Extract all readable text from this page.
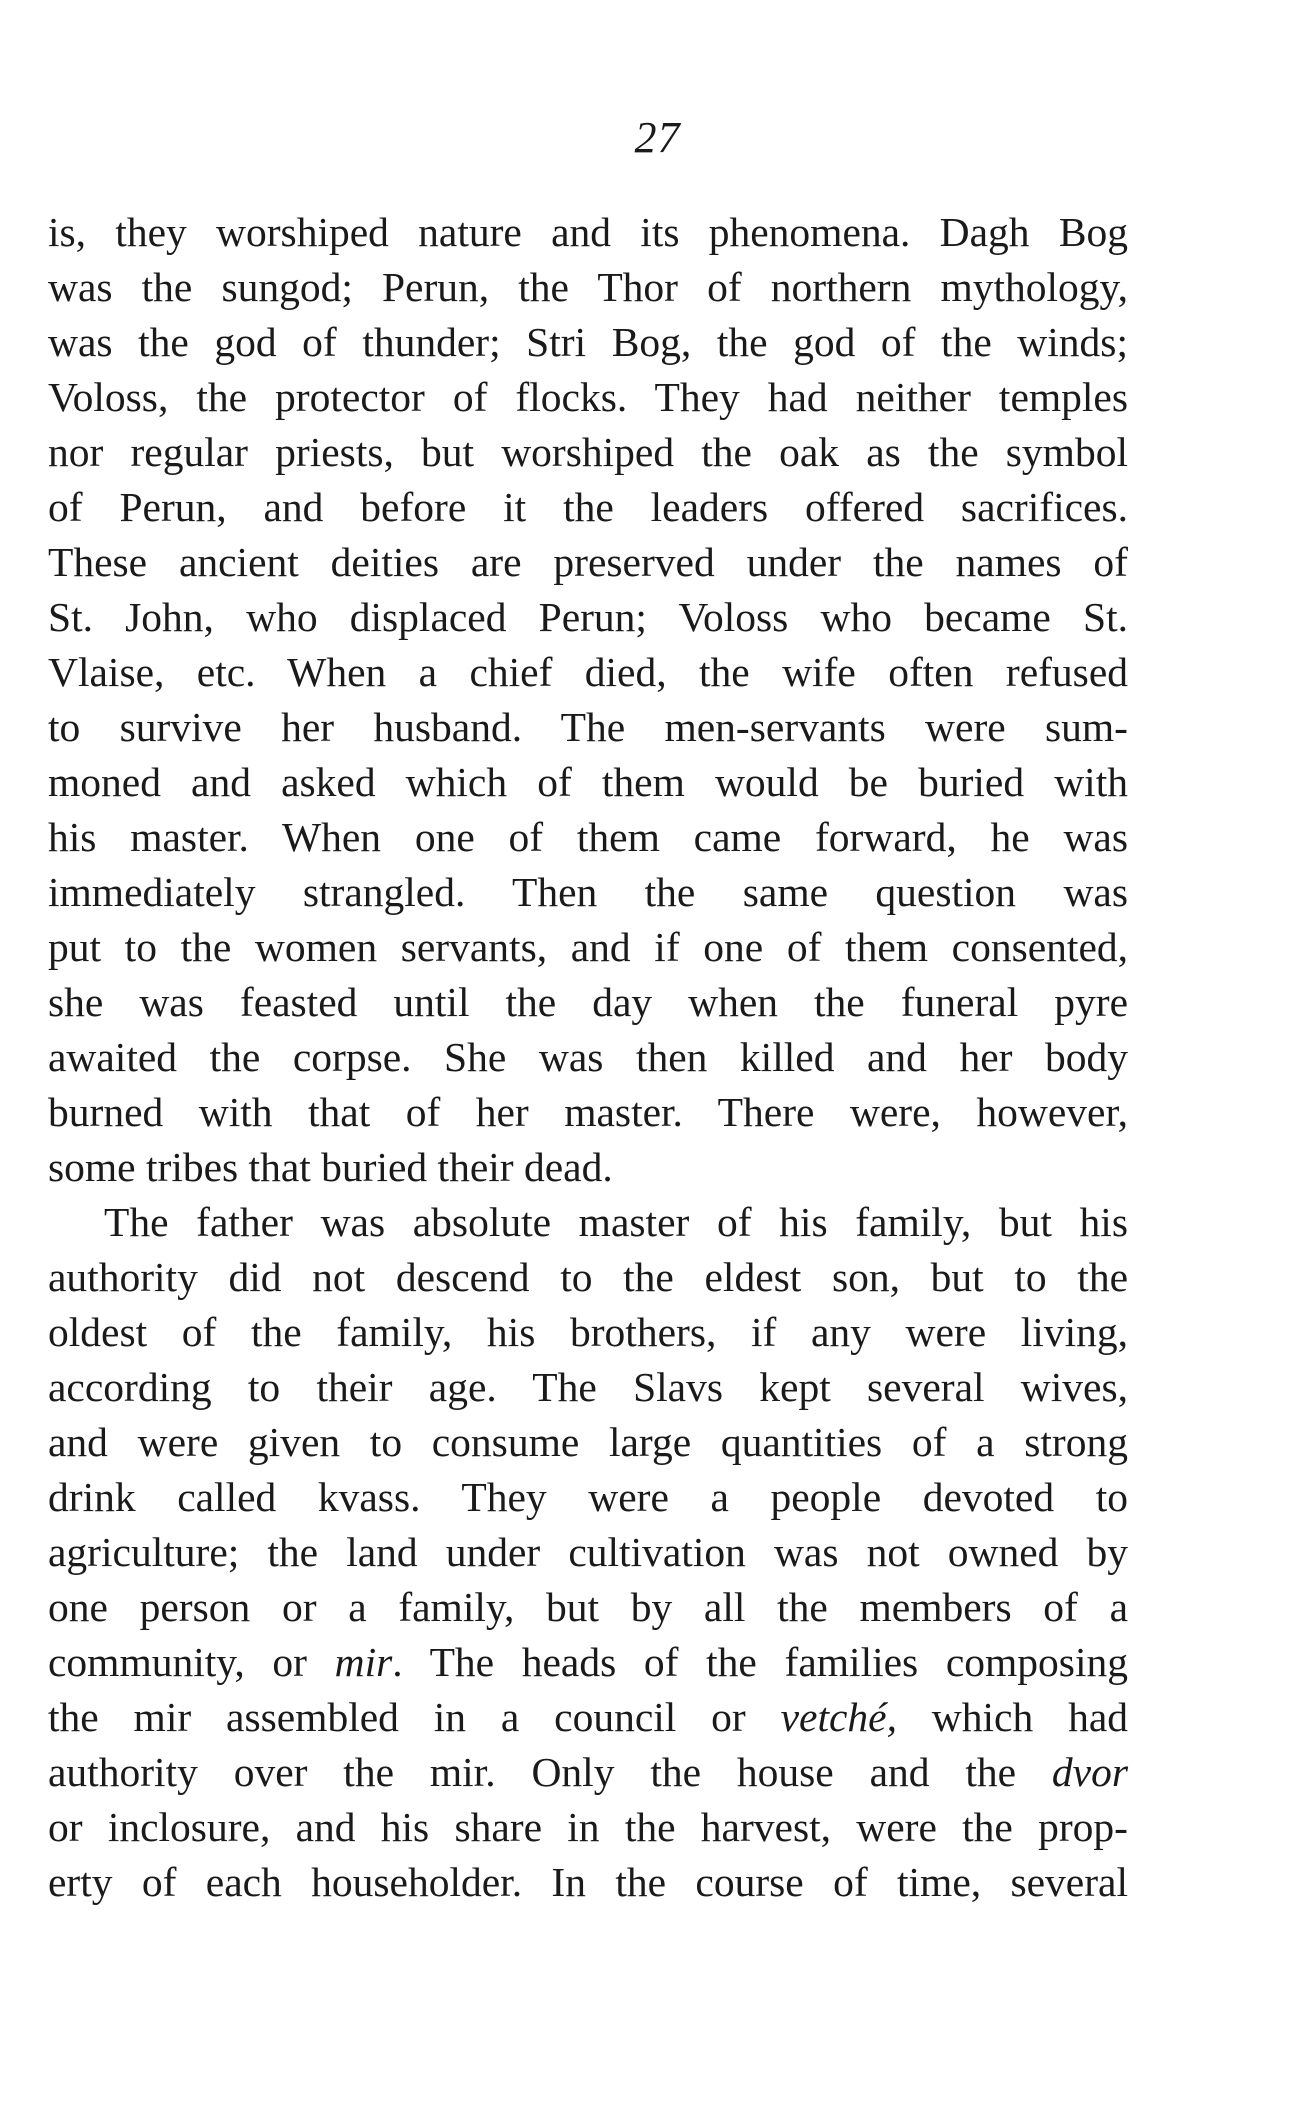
27
is, they worshiped nature and its phenomena. Dagh Bog
was the sungod; Perun, the Thor of northern mythology,
was the god of thunder; Stri Bog, the god of the winds;
Voloss, the protector of flocks. They had neither temples
nor regular priests, but worshiped the oak as the symbol
of Perun, and before it the leaders offered sacrifices.
These ancient deities are preserved under the names of
St. John, who displaced Perun; Voloss who became St.
Vlaise, etc. When a chief died, the wife often refused
to survive her husband. The men-servants were sum-
moned and asked which of them would be buried with
his master. When one of them came forward, he was
immediately strangled. Then the same question was
put to the women servants, and if one of them consented,
she was feasted until the day when the funeral pyre
awaited the corpse. She was then killed and her body
burned with that of her master. There were, however,
some tribes that buried their dead.
The father was absolute master of his family, but his
authority did not descend to the eldest son, but to the
oldest of the family, his brothers, if any were living,
according to their age. The Slavs kept several wives,
and were given to consume large quantities of a strong
drink called kvass. They were a people devoted to
agriculture; the land under cultivation was not owned by
one person or a family, but by all the members of a
community, or mir. The heads of the families composing
the mir assembled in a council or vetché, which had
authority over the mir. Only the house and the dvor
or inclosure, and his share in the harvest, were the prop-
erty of each householder. In the course of time, several
